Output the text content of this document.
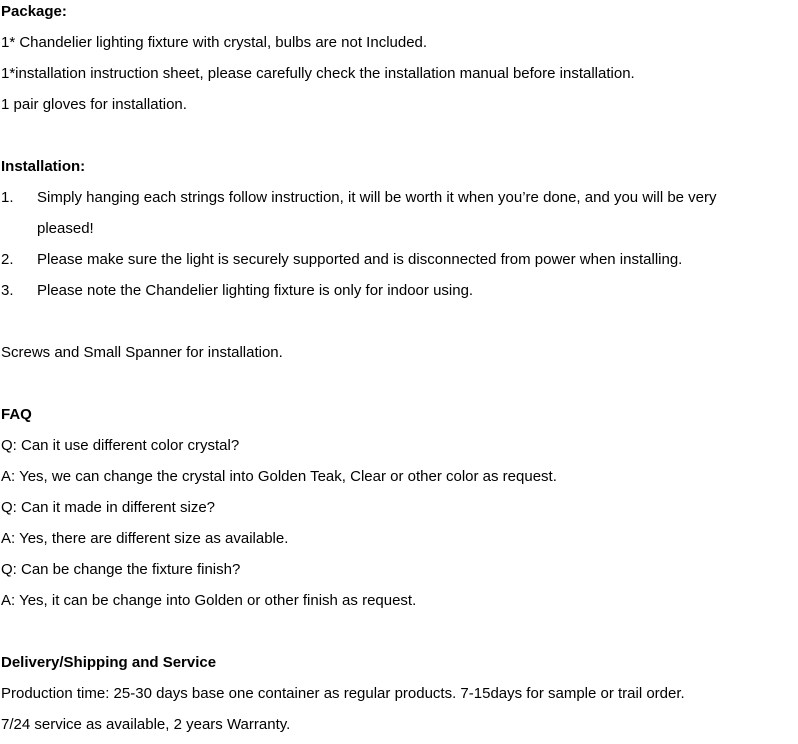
Package:
1* Chandelier lighting fixture with crystal, bulbs are not Included.
1*installation instruction sheet, please carefully check the installation manual before installation.
1 pair gloves for installation.
Installation:
1.	Simply hanging each strings follow instruction, it will be worth it when you’re done, and you will be very
pleased!
2.	Please make sure the light is securely supported and is disconnected from power when installing.
3.	Please note the Chandelier lighting fixture is only for indoor using.
Screws and Small Spanner for installation.
FAQ
Q: Can it use different color crystal?
A: Yes, we can change the crystal into Golden Teak, Clear or other color as request.
Q: Can it made in different size?
A: Yes, there are different size as available.
Q: Can be change the fixture finish?
A: Yes, it can be change into Golden or other finish as request.
Delivery/Shipping and Service
Production time: 25-30 days base one container as regular products. 7-15days for sample or trail order.
7/24 service as available, 2 years Warranty.
